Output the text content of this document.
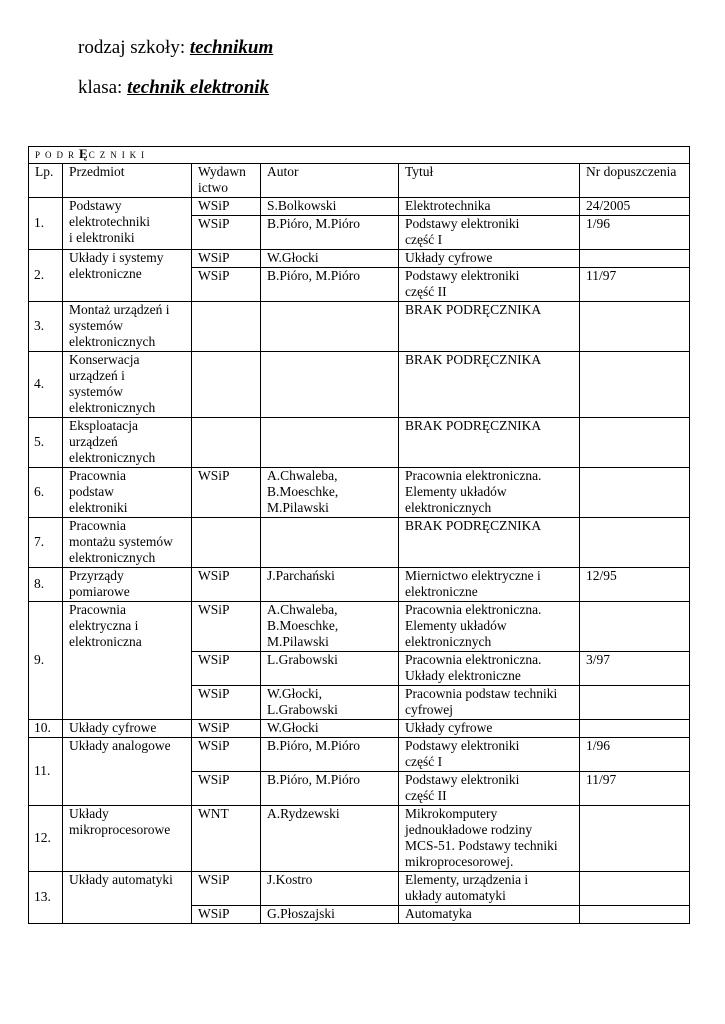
rodzaj szkoły: technikum
klasa: technik elektronik
PODRĘCZNIKI					
Lp.	Przedmiot	Wydawn
ictwo	Autor	Tytuł	Nr dopuszczenia
1.	Podstawy
elektrotechniki
i elektroniki	WSiP	S.Bolkowski	Elektrotechnika	24/2005
		WSiP	B.Pióro, M.Pióro	Podstawy elektroniki
część I	1/96
2.	Układy i systemy
elektroniczne	WSiP	W.Głocki	Układy cyfrowe	
		WSiP	B.Pióro, M.Pióro	Podstawy elektroniki
część II	11/97
3.	Montaż urządzeń i
systemów
elektronicznych			BRAK PODRĘCZNIKA	
4.	Konserwacja
urządzeń i
systemów
elektronicznych			BRAK PODRĘCZNIKA	
5.	Eksploatacja
urządzeń
elektronicznych			BRAK PODRĘCZNIKA	
6.	Pracownia
podstaw
elektroniki	WSiP	A.Chwaleba,
B.Moeschke,
M.Pilawski	Pracownia elektroniczna.
Elementy układów
elektronicznych	
7.	Pracownia
montażu systemów
elektronicznych			BRAK PODRĘCZNIKA	
8.	Przyrządy
pomiarowe	WSiP	J.Parchański	Miernictwo elektryczne i
elektroniczne	12/95
9.	Pracownia
elektryczna i
elektroniczna	WSiP	A.Chwaleba,
B.Moeschke,
M.Pilawski	Pracownia elektroniczna.
Elementy układów
elektronicznych	
		WSiP	L.Grabowski	Pracownia elektroniczna.
Układy elektroniczne	3/97
		WSiP	W.Głocki,
L.Grabowski	Pracownia podstaw techniki
cyfrowej	
10.	Układy cyfrowe	WSiP	W.Głocki	Układy cyfrowe	
11.	Układy analogowe	WSiP	B.Pióro, M.Pióro	Podstawy elektroniki
część I	1/96
		WSiP	B.Pióro, M.Pióro	Podstawy elektroniki
część II	11/97
12.	Układy
mikroprocesorowe	WNT	A.Rydzewski	Mikrokomputery
jednoukładowe rodziny
MCS-51. Podstawy techniki
mikroprocesorowej.	
13.	Układy automatyki	WSiP	J.Kostro	Elementy, urządzenia i
układy automatyki	
		WSiP	G.Płoszajski	Automatyka	
